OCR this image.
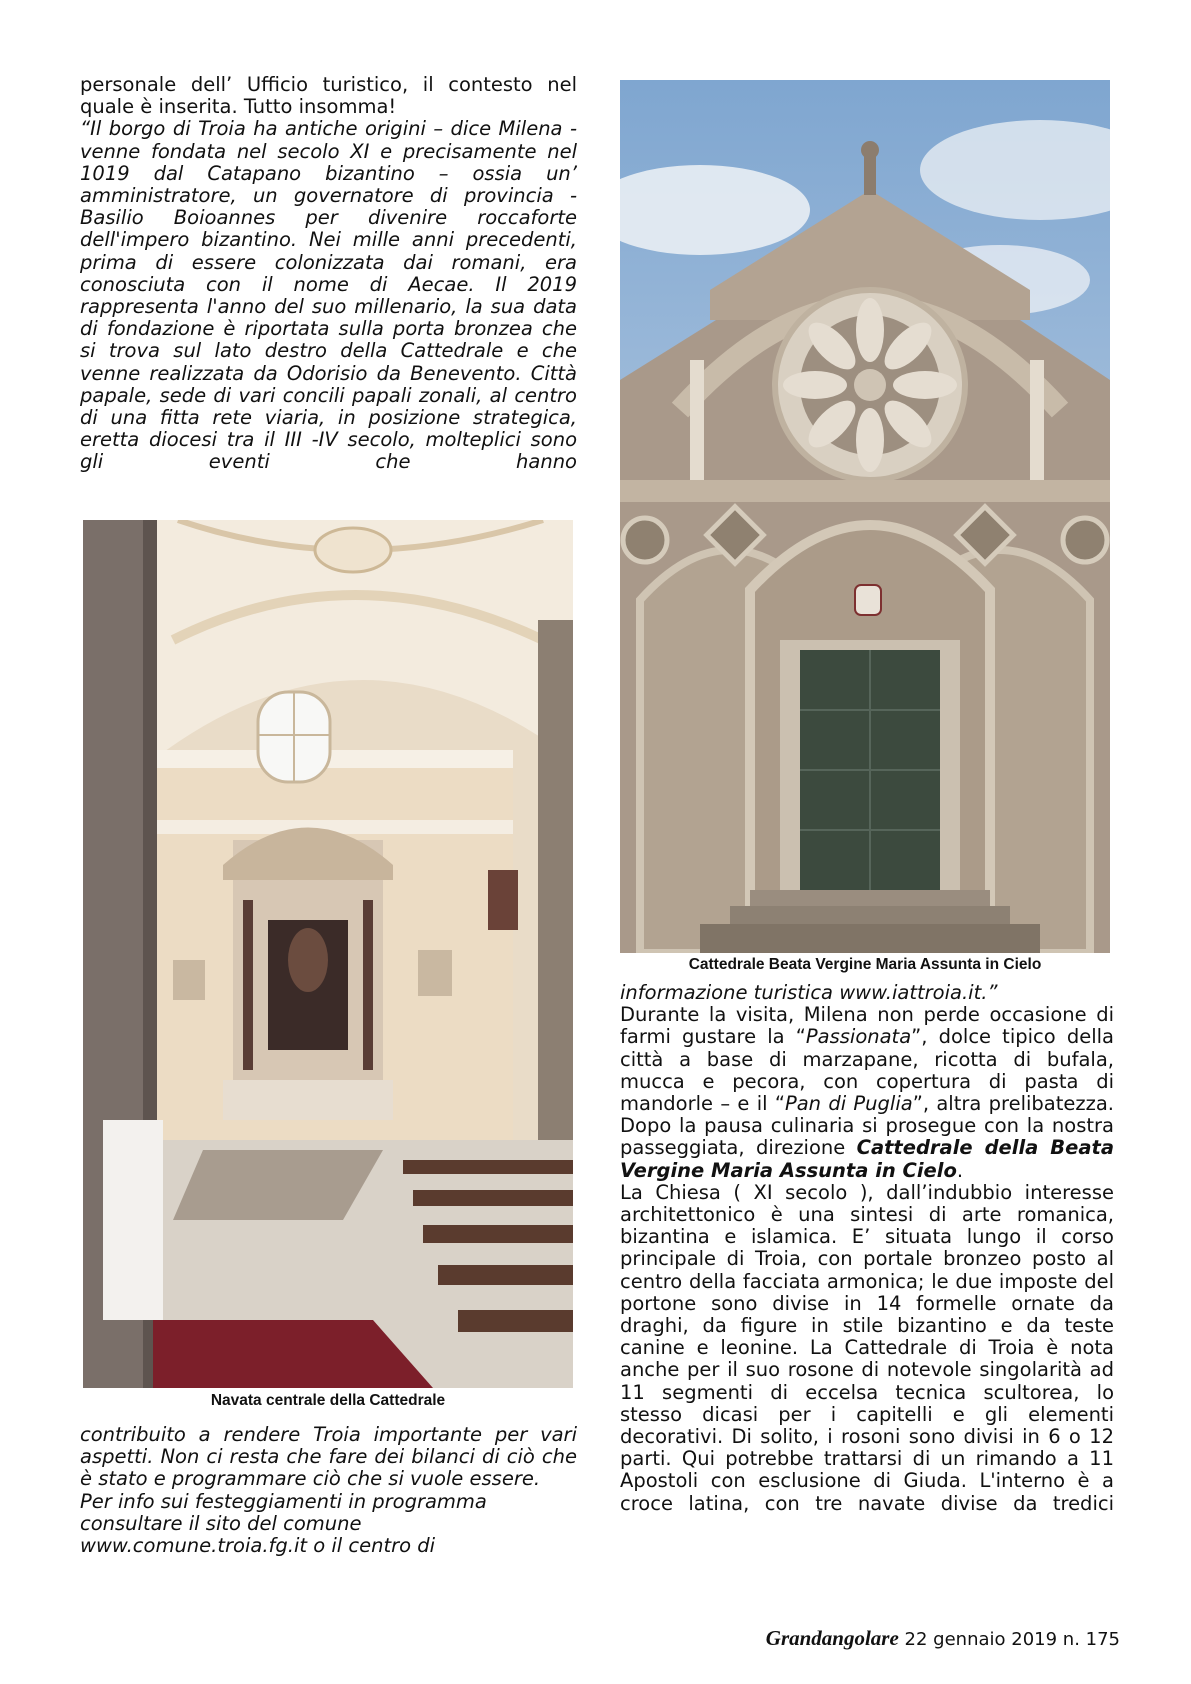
personale dell’ Ufficio turistico, il contesto nel

quale è inserita. Tutto insomma!

“Il borgo di Troia ha antiche origini – dice Milena - venne fondata nel secolo XI e precisamente nel 1019 dal Catapano bizantino – ossia un’ amministratore, un governatore di provincia - Basilio Boioannes per divenire roccaforte dell'impero bizantino. Nei mille anni precedenti, prima di essere colonizzata dai romani, era conosciuta con il nome di Aecae. Il 2019 rappresenta l'anno del suo millenario, la sua data di fondazione è riportata sulla porta bronzea che si trova sul lato destro della Cattedrale e che venne realizzata da Odorisio da Benevento. Città papale, sede di vari concili papali zonali, al centro di una fitta rete viaria, in posizione strategica, eretta diocesi tra il III -IV secolo, molteplici sono gli eventi che hanno

Navata centrale della Cattedrale

contribuito a rendere Troia importante per vari aspetti. Non ci resta che fare dei bilanci di ciò che è stato e programmare ciò che si vuole essere.

Per info sui festeggiamenti in programma

consultare il sito del comune

www.comune.troia.fg.it o il centro di

Cattedrale Beata Vergine Maria Assunta in Cielo

informazione turistica www.iattroia.it.”

Durante la visita, Milena non perde occasione di farmi gustare la “Passionata”, dolce tipico della città a base di marzapane, ricotta di bufala, mucca e pecora, con copertura di pasta di mandorle – e il “Pan di Puglia”, altra prelibatezza. Dopo la pausa culinaria si prosegue con la nostra passeggiata, direzione Cattedrale della Beata Vergine Maria Assunta in Cielo.

La Chiesa ( XI secolo ), dall’indubbio interesse architettonico è una sintesi di arte romanica, bizantina e islamica. E’ situata lungo il corso principale di Troia, con portale bronzeo posto al centro della facciata armonica; le due imposte del portone sono divise in 14 formelle ornate da draghi, da figure in stile bizantino e da teste canine e leonine. La Cattedrale di Troia è nota anche per il suo rosone di notevole singolarità ad 11 segmenti di eccelsa tecnica scultorea, lo stesso dicasi per i capitelli e gli elementi decorativi. Di solito, i rosoni sono divisi in 6 o 12 parti. Qui potrebbe trattarsi di un rimando a 11 Apostoli con esclusione di Giuda. L'interno è a croce latina, con tre navate divise da tredici

Grandangolare 22 gennaio 2019 n. 175
